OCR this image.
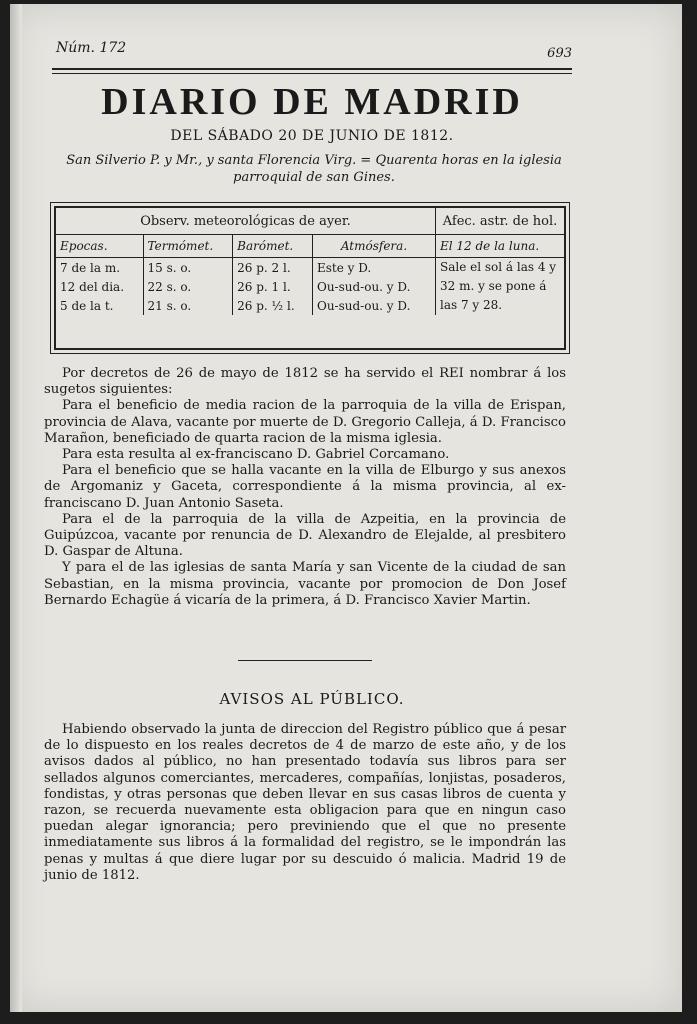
Núm. 172	693
DIARIO DE MADRID
DEL SÁBADO 20 DE JUNIO DE 1812.
San Silverio P. y Mr., y santa Florencia Virg. = Quarenta horas en la iglesia parroquial de san Gines.
Observ. meteorológicas de ayer.				Afec. astr. de hol.
Epocas.	Termómet.	Barómet.	Atmósfera.	El 12 de la luna.
7 de la m.	15 s. o.	26 p. 2 l.	Este y D.	Sale el sol á las 4 y 32 m. y se pone á las 7 y 28.
12 del dia.	22 s. o.	26 p. 1 l.	Ou-sud-ou. y D.	
5 de la t.	21 s. o.	26 p. ½ l.	Ou-sud-ou. y D.	

Por decretos de 26 de mayo de 1812 se ha servido el REI nombrar á los sugetos siguientes:

Para el beneficio de media racion de la parroquia de la villa de Erispan, provincia de Alava, vacante por muerte de D. Gregorio Calleja, á D. Francisco Marañon, beneficiado de quarta racion de la misma iglesia.

Para esta resulta al ex-franciscano D. Gabriel Corcamano.

Para el beneficio que se halla vacante en la villa de Elburgo y sus anexos de Argomaniz y Gaceta, correspondiente á la misma provincia, al ex-franciscano D. Juan Antonio Saseta.

Para el de la parroquia de la villa de Azpeitia, en la provincia de Guipúzcoa, vacante por renuncia de D. Alexandro de Elejalde, al presbitero D. Gaspar de Altuna.

Y para el de las iglesias de santa María y san Vicente de la ciudad de san Sebastian, en la misma provincia, vacante por promocion de Don Josef Bernardo Echagüe á vicaría de la primera, á D. Francisco Xavier Martin.

AVISOS AL PÚBLICO.

Habiendo observado la junta de direccion del Registro público que á pesar de lo dispuesto en los reales decretos de 4 de marzo de este año, y de los avisos dados al público, no han presentado todavía sus libros para ser sellados algunos comerciantes, mercaderes, compañías, lonjistas, posaderos, fondistas, y otras personas que deben llevar en sus casas libros de cuenta y razon, se recuerda nuevamente esta obligacion para que en ningun caso puedan alegar ignorancia; pero previniendo que el que no presente inmediatamente sus libros á la formalidad del registro, se le impondrán las penas y multas á que diere lugar por su descuido ó malicia. Madrid 19 de junio de 1812.
